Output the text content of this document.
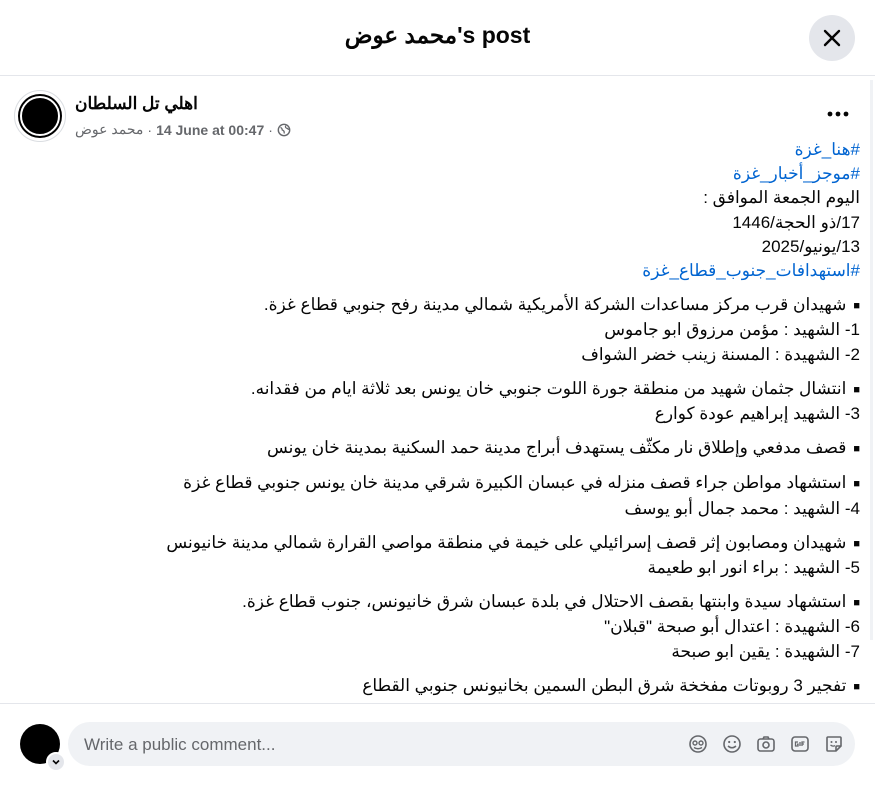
محمد عوض's post
اهلي تل السلطان
محمد عوض · 14 June at 00:47 ·
#هنا_غزة
#موجز_أخبار_غزة
اليوم الجمعة الموافق :
17/ذو الحجة/1446
13/يونيو/2025
#استهدافات_جنوب_قطاع_غزة
■شهيدان قرب مركز مساعدات الشركة الأمريكية شمالي مدينة رفح جنوبي قطاع غزة.
1- الشهيد : مؤمن مرزوق ابو جاموس
2- الشهيدة : المسنة زينب خضر الشواف
■انتشال جثمان شهيد من منطقة جورة اللوت جنوبي خان يونس بعد ثلاثة ايام من فقدانه.
3- الشهيد إبراهيم عودة كوارع
■قصف مدفعي وإطلاق نار مكثّف يستهدف أبراج مدينة حمد السكنية بمدينة خان يونس
■استشهاد مواطن جراء قصف منزله في عبسان الكبيرة شرقي مدينة خان يونس جنوبي قطاع غزة
4- الشهيد : محمد جمال أبو يوسف
■شهيدان ومصابون إثر قصف إسرائيلي على خيمة في منطقة مواصي القرارة شمالي مدينة خانيونس
5- الشهيد : براء انور ابو طعيمة
■استشهاد سيدة وابنتها بقصف الاحتلال في بلدة عبسان شرق خانيونس، جنوب قطاع غزة.
6- الشهيدة : اعتدال أبو صبحة "قبلان"
7- الشهيدة : يقين ابو صبحة
■تفجير 3 روبوتات مفخخة شرق البطن السمين بخانيونس جنوبي القطاع
Write a public comment...
